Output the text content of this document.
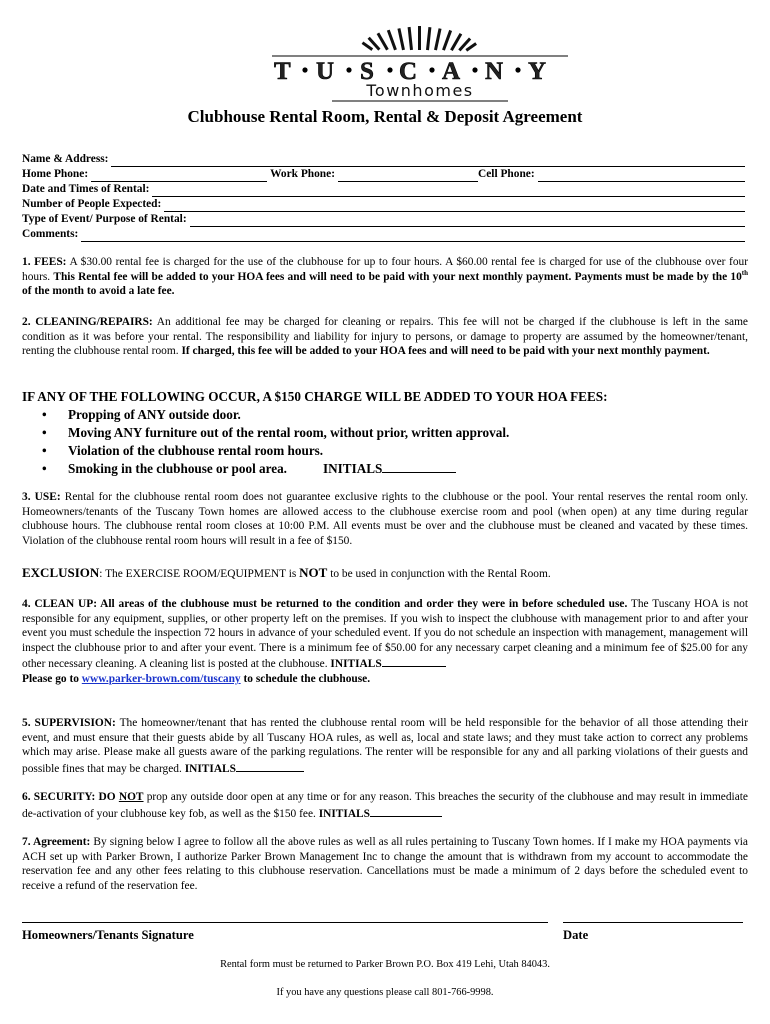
T U S C A N Y
Townhomes
Clubhouse Rental Room, Rental & Deposit Agreement
Name & Address:
Home Phone:	Work Phone:	Cell Phone:
Date and Times of Rental:
Number of People Expected:
Type of Event/ Purpose of Rental:
Comments:
1. FEES: A $30.00 rental fee is charged for the use of the clubhouse for up to four hours. A $60.00 rental fee is charged for use of the clubhouse over four hours. This Rental fee will be added to your HOA fees and will need to be paid with your next monthly payment. Payments must be made by the 10th of the month to avoid a late fee.
2. CLEANING/REPAIRS: An additional fee may be charged for cleaning or repairs. This fee will not be charged if the clubhouse is left in the same condition as it was before your rental. The responsibility and liability for injury to persons, or damage to property are assumed by the homeowner/tenant, renting the clubhouse rental room. If charged, this fee will be added to your HOA fees and will need to be paid with your next monthly payment.
IF ANY OF THE FOLLOWING OCCUR, A $150 CHARGE WILL BE ADDED TO YOUR HOA FEES:
• Propping of ANY outside door.
• Moving ANY furniture out of the rental room, without prior, written approval.
• Violation of the clubhouse rental room hours.
• Smoking in the clubhouse or pool area.	INITIALS
3. USE: Rental for the clubhouse rental room does not guarantee exclusive rights to the clubhouse or the pool. Your rental reserves the rental room only. Homeowners/tenants of the Tuscany Town homes are allowed access to the clubhouse exercise room and pool (when open) at any time during regular clubhouse hours. The clubhouse rental room closes at 10:00 P.M. All events must be over and the clubhouse must be cleaned and vacated by these times. Violation of the clubhouse rental room hours will result in a fee of $150.
EXCLUSION: The EXERCISE ROOM/EQUIPMENT is NOT to be used in conjunction with the Rental Room.
4. CLEAN UP: All areas of the clubhouse must be returned to the condition and order they were in before scheduled use. The Tuscany HOA is not responsible for any equipment, supplies, or other property left on the premises. If you wish to inspect the clubhouse with management prior to and after your event you must schedule the inspection 72 hours in advance of your scheduled event. If you do not schedule an inspection with management, management will inspect the clubhouse prior to and after your event. There is a minimum fee of $50.00 for any necessary carpet cleaning and a minimum fee of $25.00 for any other necessary cleaning. A cleaning list is posted at the clubhouse. INITIALS
Please go to www.parker-brown.com/tuscany to schedule the clubhouse.
5. SUPERVISION: The homeowner/tenant that has rented the clubhouse rental room will be held responsible for the behavior of all those attending their event, and must ensure that their guests abide by all Tuscany HOA rules, as well as, local and state laws; and they must take action to correct any problems which may arise. Please make all guests aware of the parking regulations. The renter will be responsible for any and all parking violations of their guests and possible fines that may be charged. INITIALS
6. SECURITY: DO NOT prop any outside door open at any time or for any reason. This breaches the security of the clubhouse and may result in immediate de-activation of your clubhouse key fob, as well as the $150 fee. INITIALS
7. Agreement: By signing below I agree to follow all the above rules as well as all rules pertaining to Tuscany Town homes. If I make my HOA payments via ACH set up with Parker Brown, I authorize Parker Brown Management Inc to change the amount that is withdrawn from my account to accommodate the reservation fee and any other fees relating to this clubhouse reservation. Cancellations must be made a minimum of 2 days before the scheduled event to receive a refund of the reservation fee.
Homeowners/Tenants Signature	Date
Rental form must be returned to Parker Brown P.O. Box 419 Lehi, Utah 84043.
If you have any questions please call 801-766-9998.
